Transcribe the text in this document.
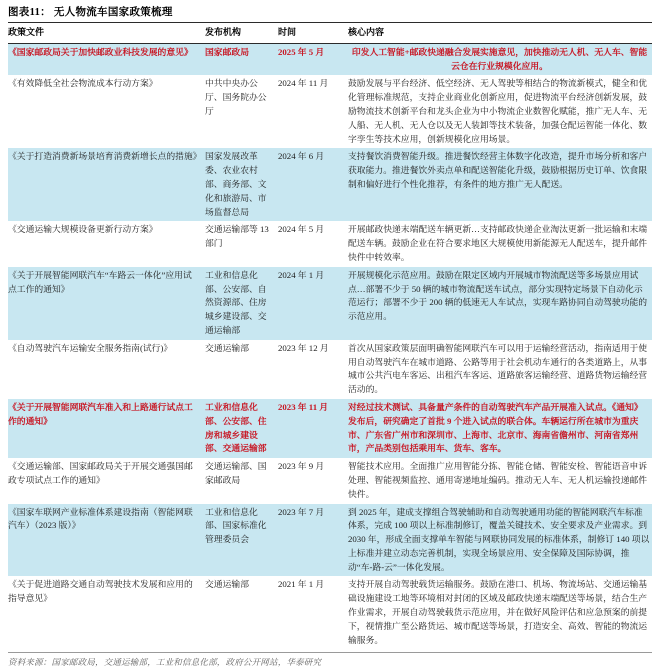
图表11： 无人物流车国家政策梳理
政策文件	发布机构	时间	核心内容
《国家邮政局关于加快邮政业科技发展的意见》	国家邮政局	2025 年 5 月	印发人工智能+邮政快递融合发展实施意见，加快推动无人机、无人车、智能云仓在行业规模化应用。
《有效降低全社会物流成本行动方案》	中共中央办公厅、国务院办公厅	2024 年 11 月	鼓励发展与平台经济、低空经济、无人驾驶等相结合的物流新模式，健全和优化管理标准规范，支持企业商业化创新应用，促进物流平台经济创新发展，鼓励物流技术创新平台和龙头企业为中小物流企业数智化赋能，推广无人车、无人船、无人机、无人仓以及无人装卸等技术装备，加强仓配运智能一体化、数字孪生等技术应用，创新规模化应用场景。
《关于打造消费新场景培育消费新增长点的措施》	国家发展改革委、农业农村部、商务部、文化和旅游局、市场监督总局	2024 年 6 月	支持餐饮消费智能升级。推进餐饮经营主体数字化改造，提升市场分析和客户获取能力。推进餐饮外卖点单和配送智能化升级，鼓励根据历史订单、饮食限制和偏好进行个性化推荐，有条件的地方推广无人配送。
《交通运输大规模设备更新行动方案》	交通运输部等 13 部门	2024 年 5 月	开展邮政快递末端配送车辆更新…支持邮政快递企业淘汰更新一批运输和末端配送车辆。鼓励企业在符合要求地区大规模使用新能源无人配送车，提升邮件快件中转效率。
《关于开展智能网联汽车“车路云一体化”应用试点工作的通知》	工业和信息化部、公安部、自然资源部、住房城乡建设部、交通运输部	2024 年 1 月	开展规模化示范应用。鼓励在限定区域内开展城市物流配送等多场景应用试点…部署不少于 50 辆的城市物流配送车试点，部分实现特定场景下自动化示范运行；部署不少于 200 辆的低速无人车试点，实现车路协同自动驾驶功能的示范应用。
《自动驾驶汽车运输安全服务指南(试行)》	交通运输部	2023 年 12 月	首次从国家政策层面明确智能网联汽车可以用于运输经营活动，指南适用于使用自动驾驶汽车在城市道路、公路等用于社会机动车通行的各类道路上，从事城市公共汽电车客运、出租汽车客运、道路旅客运输经营、道路货物运输经营活动的。
《关于开展智能网联汽车准入和上路通行试点工作的通知》	工业和信息化部、公安部、住房和城乡建设部、交通运输部	2023 年 11 月	对经过技术测试、具备量产条件的自动驾驶汽车产品开展准入试点。《通知》发布后，研究确定了首批 9 个进入试点的联合体。车辆运行所在城市为重庆市、广东省广州市和深圳市、上海市、北京市、海南省儋州市、河南省郑州市，产品类别包括乘用车、货车、客车。
《交通运输部、国家邮政局关于开展交通强国邮政专项试点工作的通知》	交通运输部、国家邮政局	2023 年 9 月	智能技术应用。全面推广应用智能分拣、智能仓储、智能安检、智能语音申诉处理、智能视频监控、通用寄递地址编码。推动无人车、无人机运输投递邮件快件。
《国家车联网产业标准体系建设指南（智能网联汽车）（2023 版）》	工业和信息化部、国家标准化管理委员会	2023 年 7 月	到 2025 年，建成支撑组合驾驶辅助和自动驾驶通用功能的智能网联汽车标准体系，完成 100 项以上标准制修订，覆盖关键技术、安全要求及产业需求。到 2030 年，形成全面支撑单车智能与网联协同发展的标准体系，制修订 140 项以上标准并建立动态完善机制，实现全场景应用、安全保障及国际协调，推动“车-路-云”一体化发展。
《关于促进道路交通自动驾驶技术发展和应用的指导意见》	交通运输部	2021 年 1 月	支持开展自动驾驶载货运输服务。鼓励在港口、机场、物流场站、交通运输基础设施建设工地等环境相对封闭的区域及邮政快递末端配送等场景，结合生产作业需求，开展自动驾驶载货示范应用，并在做好风险评估和应急预案的前提下，视情推广至公路货运、城市配送等场景，打造安全、高效、智能的物流运输服务。
资料来源：国家邮政局，交通运输部，工业和信息化部，政府公开网站，华泰研究
